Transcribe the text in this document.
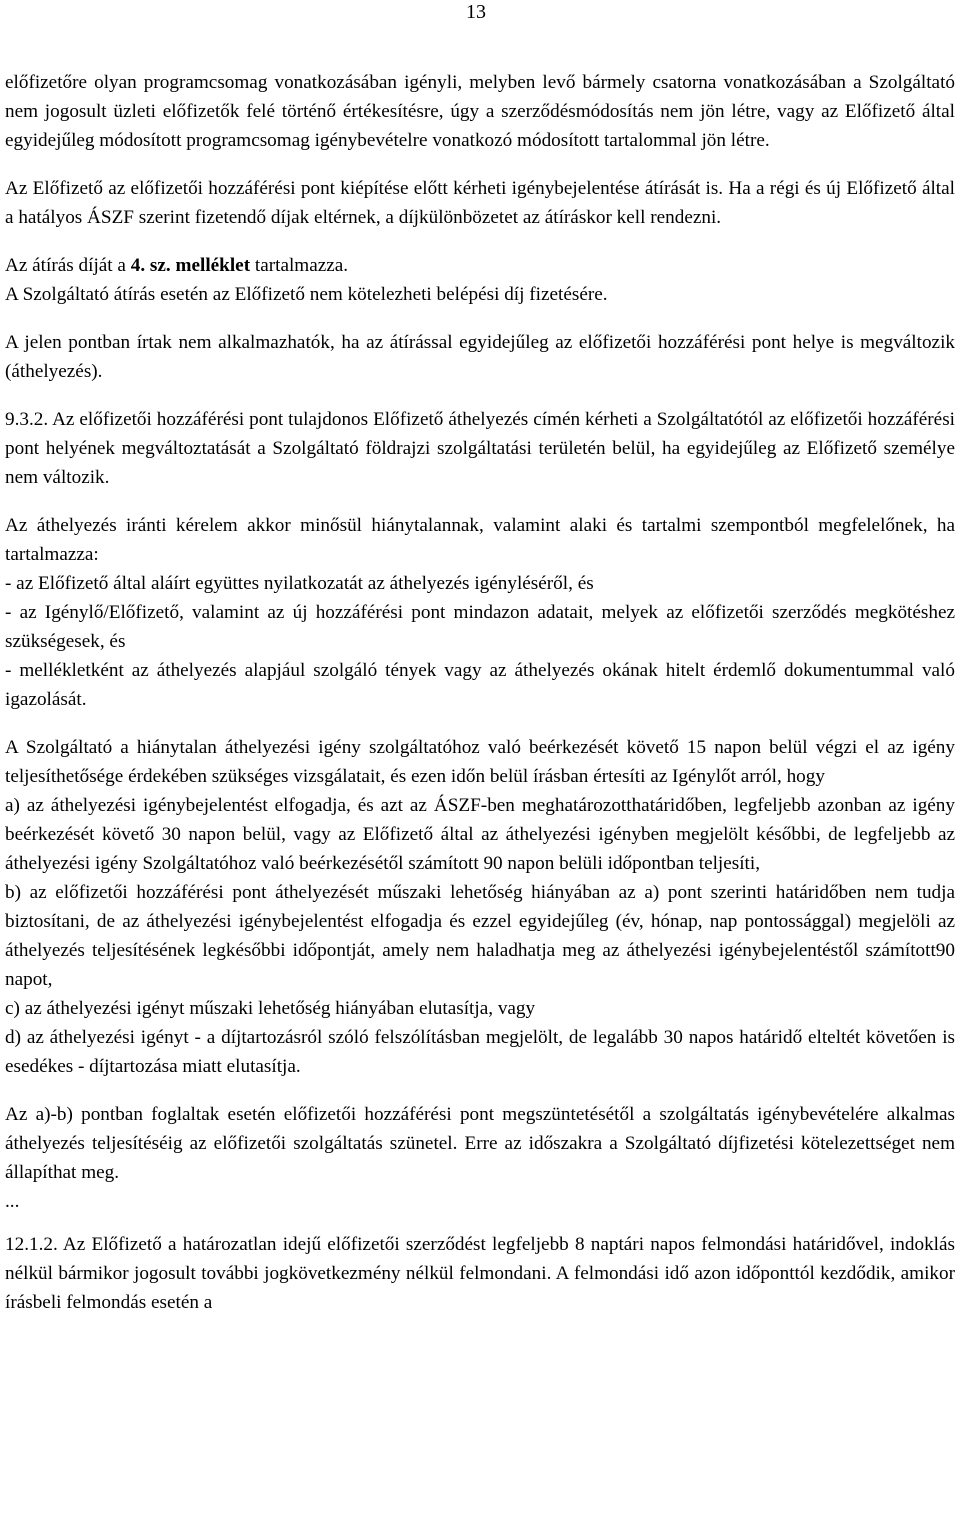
13

előfizetőre olyan programcsomag vonatkozásában igényli, melyben levő bármely csatorna vonatkozásában a Szolgáltató nem jogosult üzleti előfizetők felé történő értékesítésre, úgy a szerződésmódosítás nem jön létre, vagy az Előfizető által egyidejűleg módosított programcsomag igénybevételre vonatkozó módosított tartalommal jön létre.

Az Előfizető az előfizetői hozzáférési pont kiépítése előtt kérheti igénybejelentése átírását is. Ha a régi és új Előfizető által a hatályos ÁSZF szerint fizetendő díjak eltérnek, a díjkülönbözetet az átíráskor kell rendezni.

Az átírás díját a 4. sz. melléklet tartalmazza.

A Szolgáltató átírás esetén az Előfizető nem kötelezheti belépési díj fizetésére.

A jelen pontban írtak nem alkalmazhatók, ha az átírással egyidejűleg az előfizetői hozzáférési pont helye is megváltozik (áthelyezés).

9.3.2. Az előfizetői hozzáférési pont tulajdonos Előfizető áthelyezés címén kérheti a Szolgáltatótól az előfizetői hozzáférési pont helyének megváltoztatását a Szolgáltató földrajzi szolgáltatási területén belül, ha egyidejűleg az Előfizető személye nem változik.

Az áthelyezés iránti kérelem akkor minősül hiánytalannak, valamint alaki és tartalmi szempontból megfelelőnek, ha tartalmazza:

- az Előfizető által aláírt együttes nyilatkozatát az áthelyezés igényléséről, és

- az Igénylő/Előfizető, valamint az új hozzáférési pont mindazon adatait, melyek az előfizetői szerződés megkötéshez szükségesek, és

- mellékletként az áthelyezés alapjául szolgáló tények vagy az áthelyezés okának hitelt érdemlő dokumentummal való igazolását.

A Szolgáltató a hiánytalan áthelyezési igény szolgáltatóhoz való beérkezését követő 15 napon belül végzi el az igény teljesíthetősége érdekében szükséges vizsgálatait, és ezen időn belül írásban értesíti az Igénylőt arról, hogy

a) az áthelyezési igénybejelentést elfogadja, és azt az ÁSZF-ben meghatározotthatáridőben, legfeljebb azonban az igény beérkezését követő 30 napon belül, vagy az Előfizető által az áthelyezési igényben megjelölt későbbi, de legfeljebb az áthelyezési igény Szolgáltatóhoz való beérkezésétől számított 90 napon belüli időpontban teljesíti,

b) az előfizetői hozzáférési pont áthelyezését műszaki lehetőség hiányában az a) pont szerinti határidőben nem tudja biztosítani, de az áthelyezési igénybejelentést elfogadja és ezzel egyidejűleg (év, hónap, nap pontossággal) megjelöli az áthelyezés teljesítésének legkésőbbi időpontját, amely nem haladhatja meg az áthelyezési igénybejelentéstől számított90 napot,

c) az áthelyezési igényt műszaki lehetőség hiányában elutasítja, vagy

d) az áthelyezési igényt - a díjtartozásról szóló felszólításban megjelölt, de legalább 30 napos határidő elteltét követően is esedékes - díjtartozása miatt elutasítja.

Az a)-b) pontban foglaltak esetén előfizetői hozzáférési pont megszüntetésétől a szolgáltatás igénybevételére alkalmas áthelyezés teljesítéséig az előfizetői szolgáltatás szünetel. Erre az időszakra a Szolgáltató díjfizetési kötelezettséget nem állapíthat meg.

...

12.1.2. Az Előfizető a határozatlan idejű előfizetői szerződést legfeljebb 8 naptári napos felmondási határidővel, indoklás nélkül bármikor jogosult további jogkövetkezmény nélkül felmondani. A felmondási idő azon időponttól kezdődik, amikor írásbeli felmondás esetén a
